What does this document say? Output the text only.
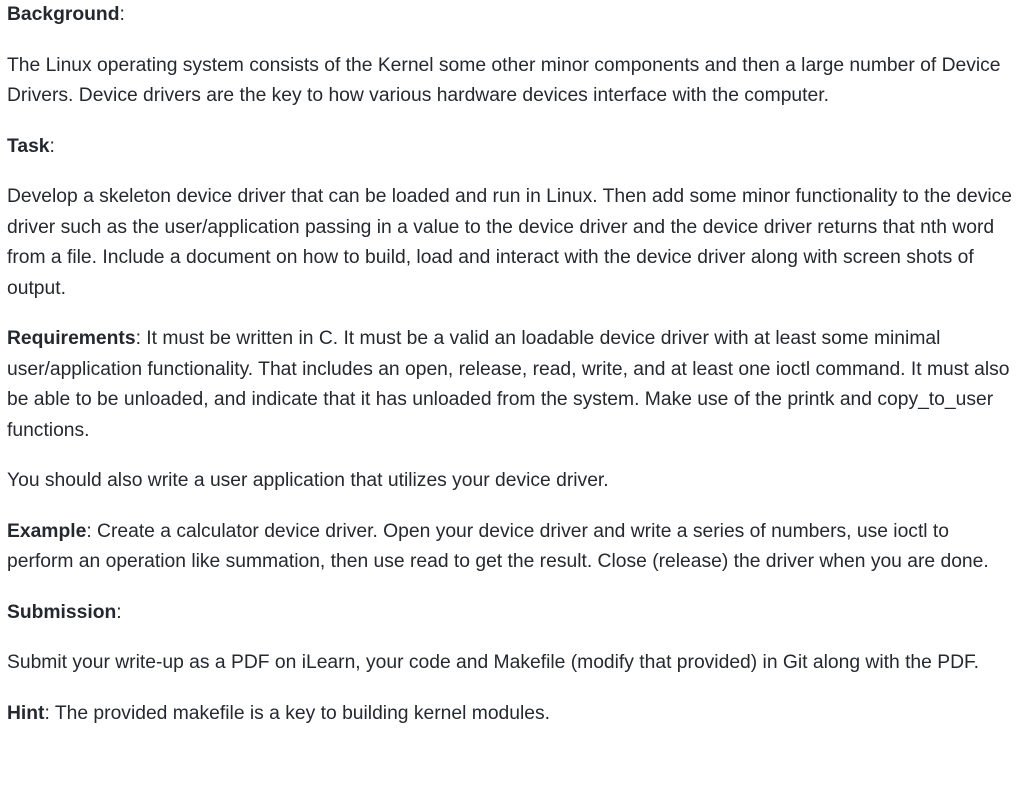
Background:

The Linux operating system consists of the Kernel some other minor components and then a large number of Device Drivers. Device drivers are the key to how various hardware devices interface with the computer.

Task:

Develop a skeleton device driver that can be loaded and run in Linux. Then add some minor functionality to the device driver such as the user/application passing in a value to the device driver and the device driver returns that nth word from a file. Include a document on how to build, load and interact with the device driver along with screen shots of output.

Requirements: It must be written in C. It must be a valid an loadable device driver with at least some minimal user/application functionality. That includes an open, release, read, write, and at least one ioctl command. It must also be able to be unloaded, and indicate that it has unloaded from the system. Make use of the printk and copy_to_user functions.

You should also write a user application that utilizes your device driver.

Example: Create a calculator device driver. Open your device driver and write a series of numbers, use ioctl to perform an operation like summation, then use read to get the result. Close (release) the driver when you are done.

Submission:

Submit your write-up as a PDF on iLearn, your code and Makefile (modify that provided) in Git along with the PDF.

Hint: The provided makefile is a key to building kernel modules.
